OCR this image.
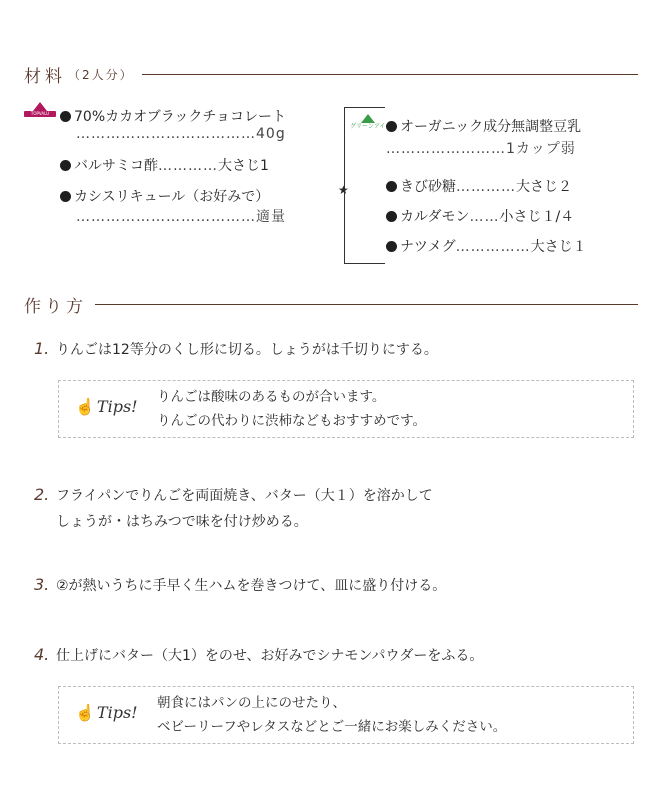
材料 （2人分）
TOPVALU	70%カカオブラックチョコレート
………………………………40g
バルサミコ酢…………大さじ1
カシスリキュール（お好みで）
………………………………適量
★
グリーンアイ	オーガニック成分無調整豆乳
……………………1カップ弱
きび砂糖…………大さじ２
カルダモン……小さじ１/４
ナツメグ……………大さじ１
作り方
1. りんごは12等分のくし形に切る。しょうがは千切りにする。
☝ Tips! りんごは酸味のあるものが合います。
りんごの代わりに渋柿などもおすすめです。
2. フライパンでりんごを両面焼き、バター（大１）を溶かして
しょうが・はちみつで味を付け炒める。
3. ②が熱いうちに手早く生ハムを巻きつけて、皿に盛り付ける。
4. 仕上げにバター（大1）をのせ、お好みでシナモンパウダーをふる。
☝ Tips! 朝食にはパンの上にのせたり、
ベビーリーフやレタスなどとご一緒にお楽しみください。
